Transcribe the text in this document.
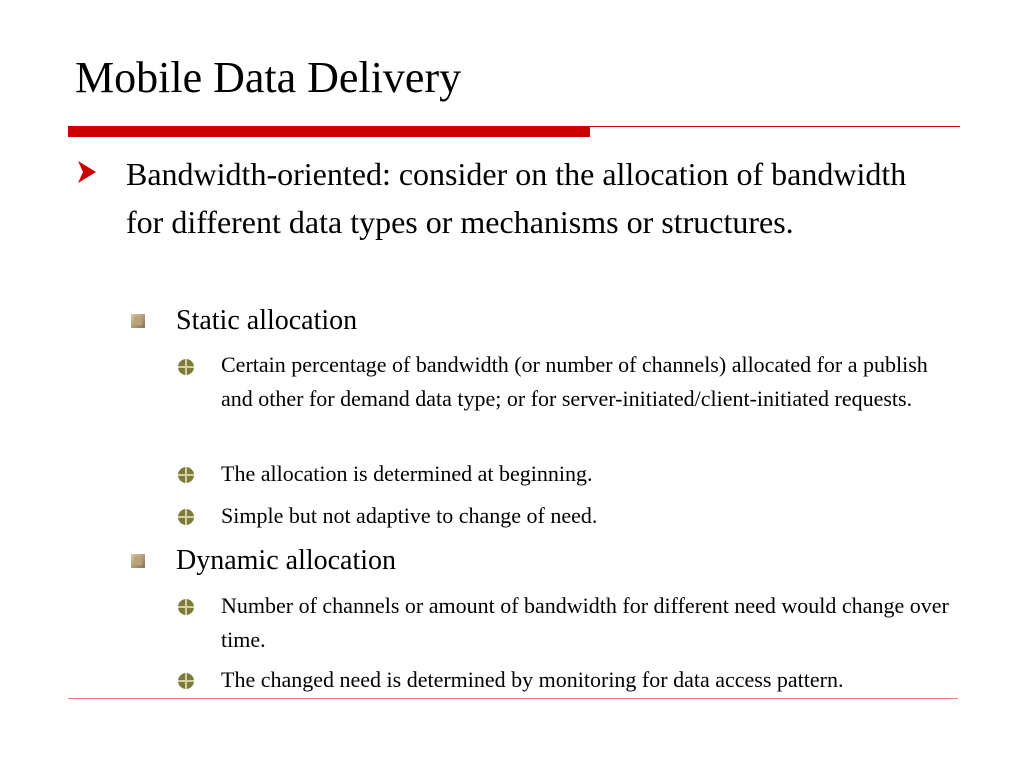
Mobile Data Delivery
Bandwidth-oriented: consider on the allocation of bandwidth for different data types or mechanisms or structures.
Static allocation
Certain percentage of bandwidth (or number of channels) allocated for a publish and other for demand data type; or for server-initiated/client-initiated requests.
The allocation is determined at beginning.
Simple but not adaptive to change of need.
Dynamic allocation
Number of channels or amount of bandwidth for different need would change over time.
The changed need is determined by monitoring for data access pattern.
